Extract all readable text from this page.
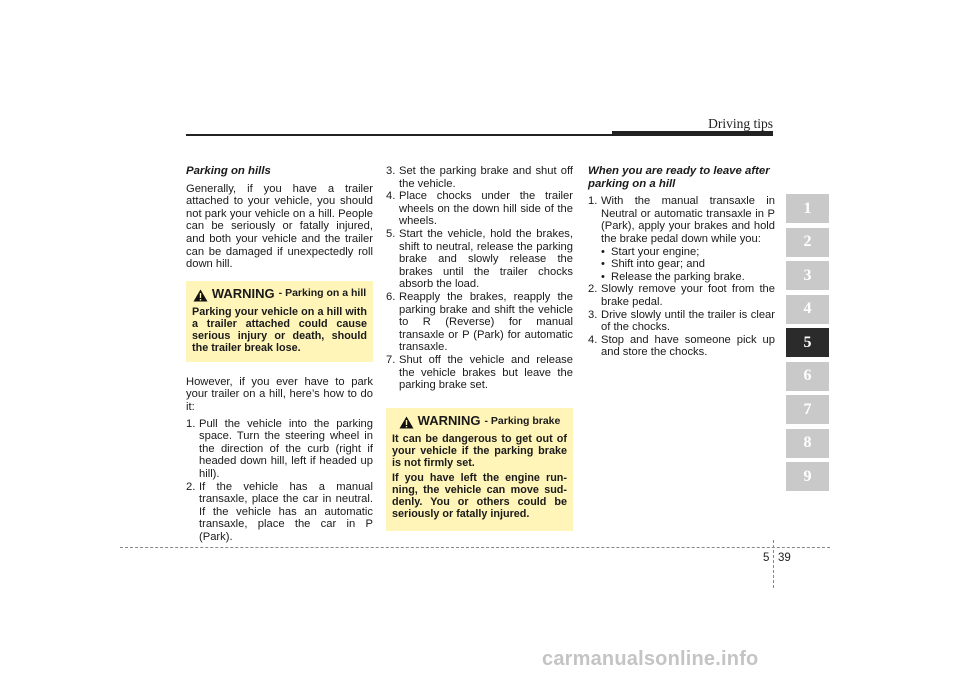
Driving tips
Parking on hills

Generally, if you have a trailer attached to your vehicle, you should not park your vehicle on a hill. People can be seriously or fatally injured, and both your vehicle and the trailer can be damaged if unexpectedly roll down hill.

WARNING - Parking on a hill
Parking your vehicle on a hill with a trailer attached could cause serious injury or death, should the trailer break lose.

However, if you ever have to park your trailer on a hill, here’s how to do it:

1. Pull the vehicle into the parking space. Turn the steering wheel in the direction of the curb (right if headed down hill, left if headed up hill).
2. If the vehicle has a manual transaxle, place the car in neutral. If the vehicle has an automatic transaxle, place the car in P (Park).
3. Set the parking brake and shut off the vehicle.
4. Place chocks under the trailer wheels on the down hill side of the wheels.
5. Start the vehicle, hold the brakes, shift to neutral, release the parking brake and slowly release the brakes until the trailer chocks absorb the load.
6. Reapply the brakes, reapply the parking brake and shift the vehicle to R (Reverse) for manual transaxle or P (Park) for automatic transaxle.
7. Shut off the vehicle and release the vehicle brakes but leave the parking brake set.
WARNING - Parking brake

It can be dangerous to get out of your vehicle if the parking brake is not firmly set.

If you have left the engine run-ning, the vehicle can move sud-denly. You or others could be seriously or fatally injured.

When you are ready to leave after parking on a hill
1. With the manual transaxle in Neutral or automatic transaxle in P (Park), apply your brakes and hold the brake pedal down while you:
• Start your engine;
• Shift into gear; and
• Release the parking brake.
2. Slowly remove your foot from the brake pedal.
3. Drive slowly until the trailer is clear of the chocks.
4. Stop and have someone pick up and store the chocks.
1
2
3
4
5
6
7
8
9
5 39
carmanualsonline.info
